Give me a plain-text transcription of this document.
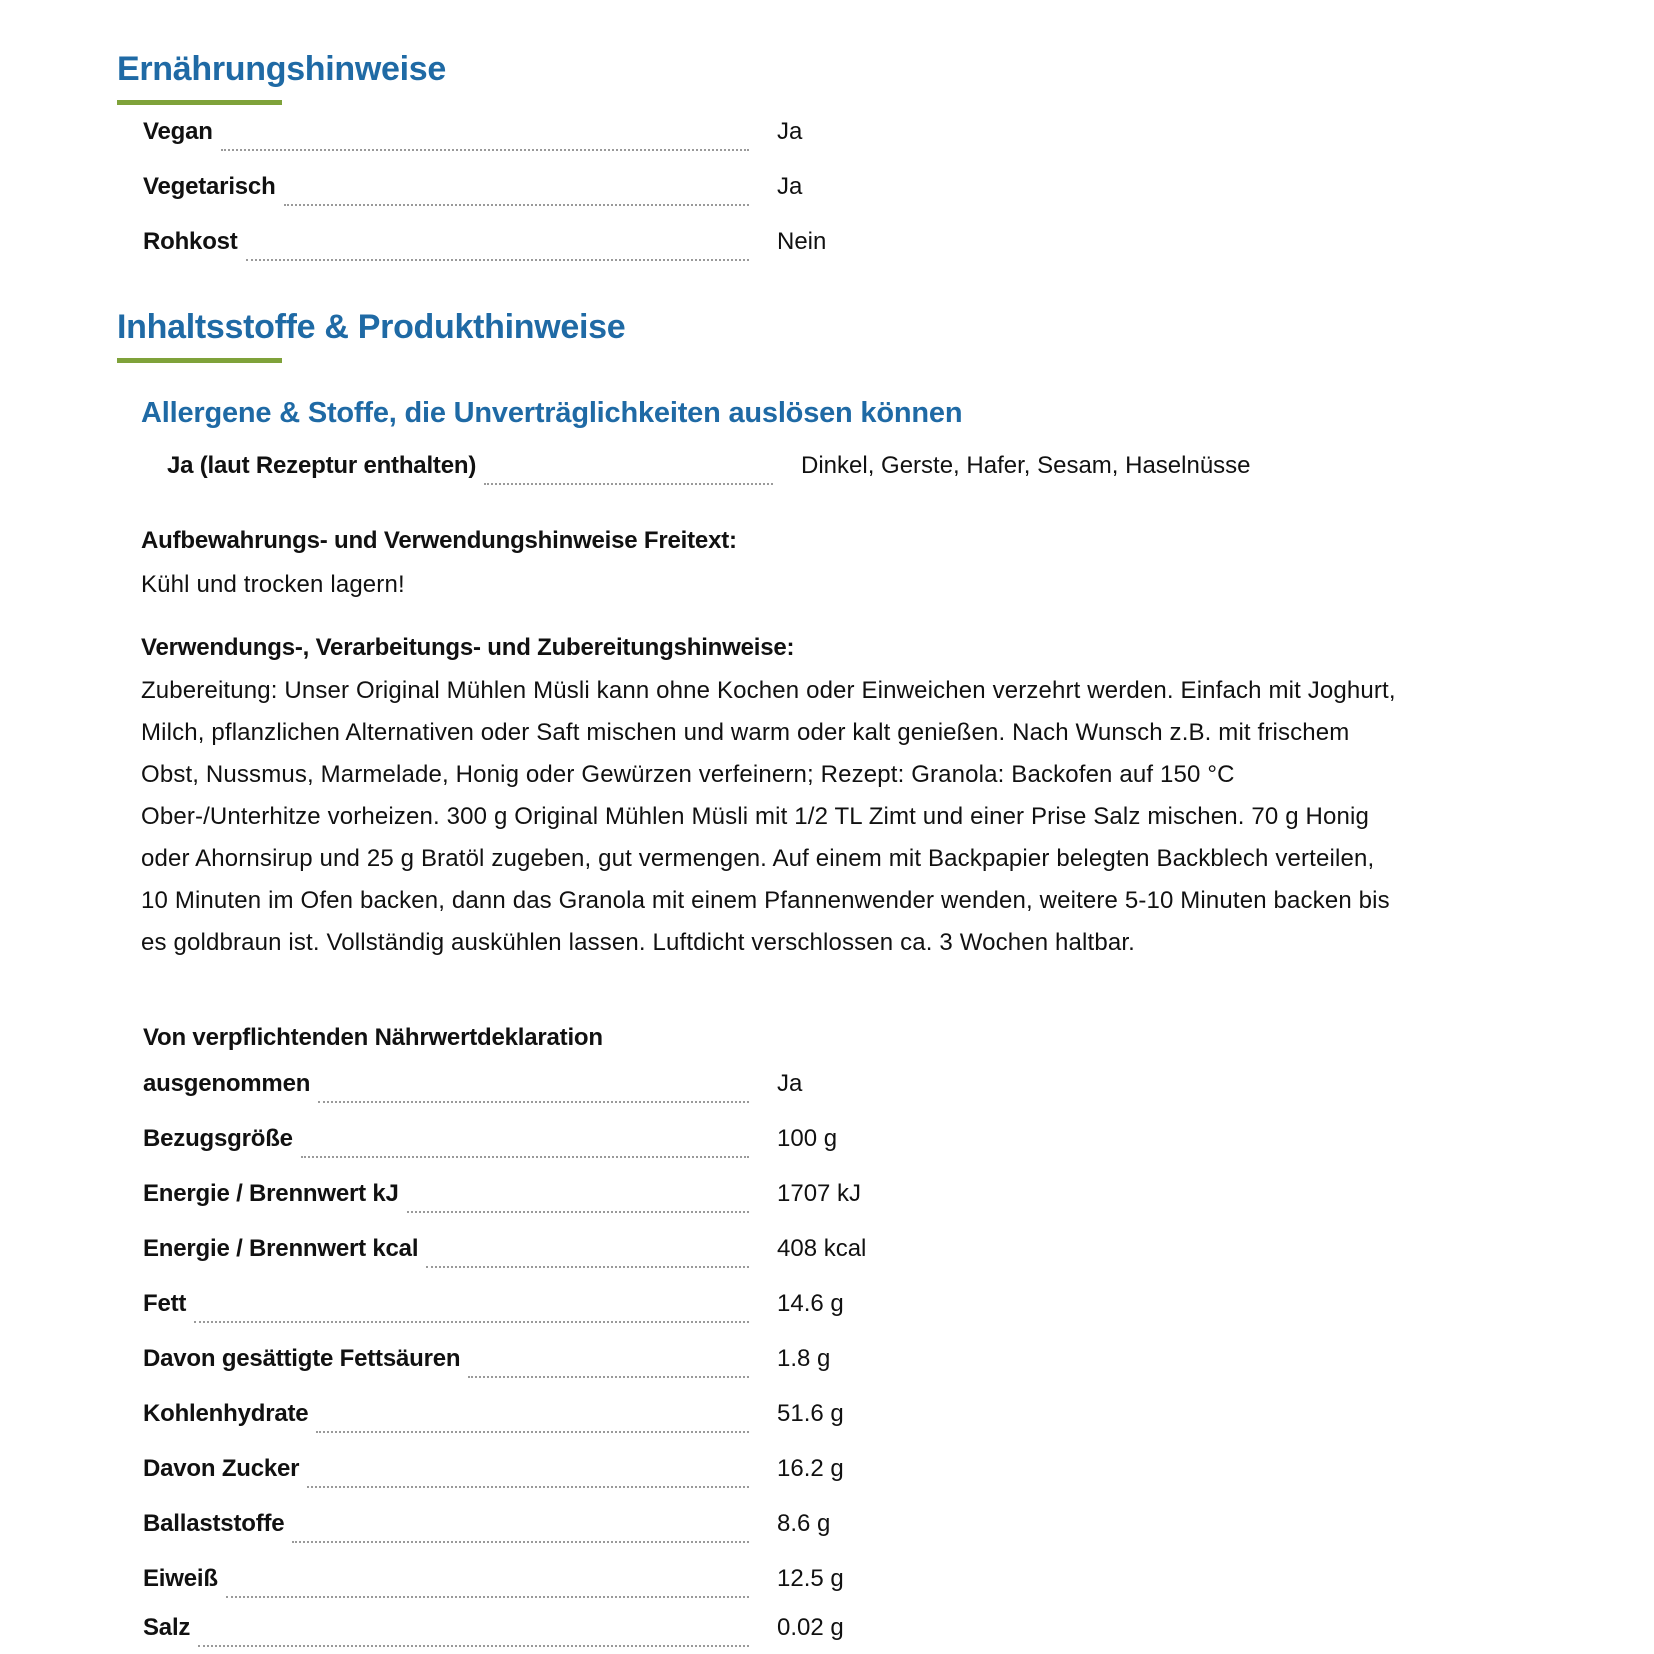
Ernährungshinweise
Vegan	Ja
Vegetarisch	Ja
Rohkost	Nein
Inhaltsstoffe & Produkthinweise
Allergene & Stoffe, die Unverträglichkeiten auslösen können
Ja (laut Rezeptur enthalten)	Dinkel, Gerste, Hafer, Sesam, Haselnüsse
Aufbewahrungs- und Verwendungshinweise Freitext:
Kühl und trocken lagern!
Verwendungs-, Verarbeitungs- und Zubereitungshinweise:
Zubereitung: Unser Original Mühlen Müsli kann ohne Kochen oder Einweichen verzehrt werden. Einfach mit Joghurt, Milch, pflanzlichen Alternativen oder Saft mischen und warm oder kalt genießen. Nach Wunsch z.B. mit frischem Obst, Nussmus, Marmelade, Honig oder Gewürzen verfeinern; Rezept: Granola: Backofen auf 150 °C Ober-/Unterhitze vorheizen. 300 g Original Mühlen Müsli mit 1/2 TL Zimt und einer Prise Salz mischen. 70 g Honig oder Ahornsirup und 25 g Bratöl zugeben, gut vermengen. Auf einem mit Backpapier belegten Backblech verteilen, 10 Minuten im Ofen backen, dann das Granola mit einem Pfannenwender wenden, weitere 5-10 Minuten backen bis es goldbraun ist. Vollständig auskühlen lassen. Luftdicht verschlossen ca. 3 Wochen haltbar.
Von verpflichtenden Nährwertdeklaration
ausgenommen	Ja
Bezugsgröße	100 g
Energie / Brennwert kJ	1707 kJ
Energie / Brennwert kcal	408 kcal
Fett	14.6 g
Davon gesättigte Fettsäuren	1.8 g
Kohlenhydrate	51.6 g
Davon Zucker	16.2 g
Ballaststoffe	8.6 g
Eiweiß	12.5 g
Salz	0.02 g
